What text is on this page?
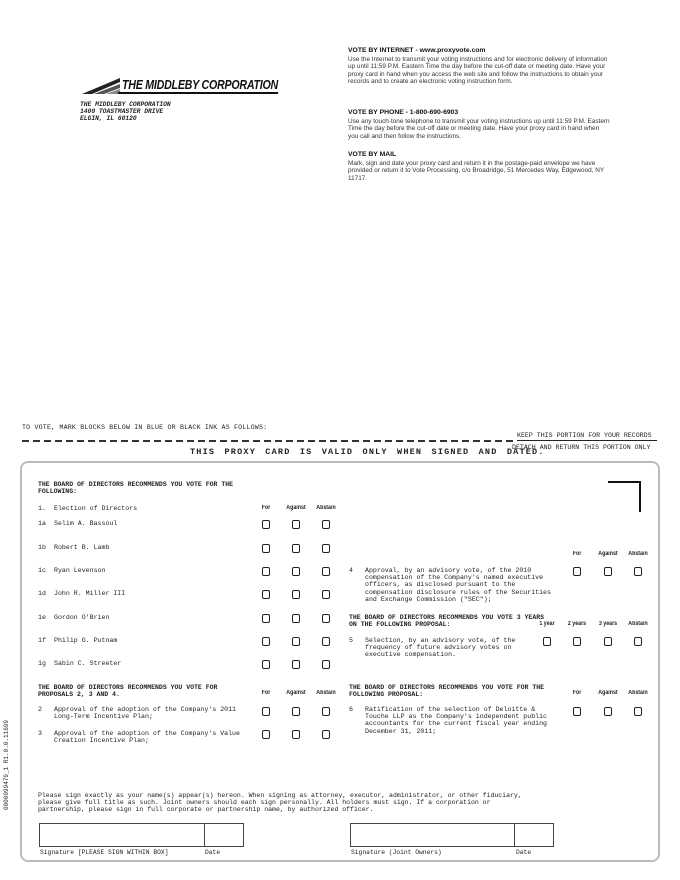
THE MIDDLEBY CORPORATION
THE MIDDLEBY CORPORATION
1400 TOASTMASTER DRIVE
ELGIN, IL 60120
VOTE BY INTERNET - www.proxyvote.com

Use the Internet to transmit your voting instructions and for electronic delivery of information up until 11:59 P.M. Eastern Time the day before the cut-off date or meeting date. Have your proxy card in hand when you access the web site and follow the instructions to obtain your records and to create an electronic voting instruction form.

VOTE BY PHONE - 1-800-690-6903

Use any touch-tone telephone to transmit your voting instructions up until 11:59 P.M. Eastern Time the day before the cut-off date or meeting date. Have your proxy card in hand when you call and then follow the instructions.

VOTE BY MAIL

Mark, sign and date your proxy card and return it in the postage-paid envelope we have provided or return it to Vote Processing, c/o Broadridge, 51 Mercedes Way, Edgewood, NY 11717.

TO VOTE, MARK BLOCKS BELOW IN BLUE OR BLACK INK AS FOLLOWS:
KEEP THIS PORTION FOR YOUR RECORDS
DETACH AND RETURN THIS PORTION ONLY
THIS PROXY CARD IS VALID ONLY WHEN SIGNED AND DATED.
THE BOARD OF DIRECTORS RECOMMENDS YOU VOTE FOR THE FOLLOWING:
1. Election of Directors	For	Against	Abstain
1a Selim A. Bassoul
1b Robert B. Lamb
1c Ryan Levenson
1d John R. Miller III
1e Gordon O'Brien
1f Philip G. Putnam
1g Sabin C. Streeter
THE BOARD OF DIRECTORS RECOMMENDS YOU VOTE FOR PROPOSALS 2, 3 AND 4.	For	Against	Abstain
2 Approval of the adoption of the Company's 2011 Long-Term Incentive Plan;
3 Approval of the adoption of the Company's Value Creation Incentive Plan;
For	Against	Abstain
4 Approval, by an advisory vote, of the 2010 compensation of the Company's named executive officers, as disclosed pursuant to the compensation disclosure rules of the Securities and Exchange Commission ("SEC");
THE BOARD OF DIRECTORS RECOMMENDS YOU VOTE 3 YEARS ON THE FOLLOWING PROPOSAL:	1 year	2 years	3 years	Abstain
5 Selection, by an advisory vote, of the frequency of future advisory votes on executive compensation.
THE BOARD OF DIRECTORS RECOMMENDS YOU VOTE FOR THE FOLLOWING PROPOSAL:	For	Against	Abstain
6 Ratification of the selection of Deloitte & Touche LLP as the Company's independent public accountants for the current fiscal year ending December 31, 2011;
Please sign exactly as your name(s) appear(s) hereon. When signing as attorney, executor, administrator, or other fiduciary, please give full title as such. Joint owners should each sign personally. All holders must sign. If a corporation or partnership, please sign in full corporate or partnership name, by authorized officer.
Signature [PLEASE SIGN WITHIN BOX]	Date	Signature (Joint Owners)	Date
0000099479_1 R1.0.0.11699
